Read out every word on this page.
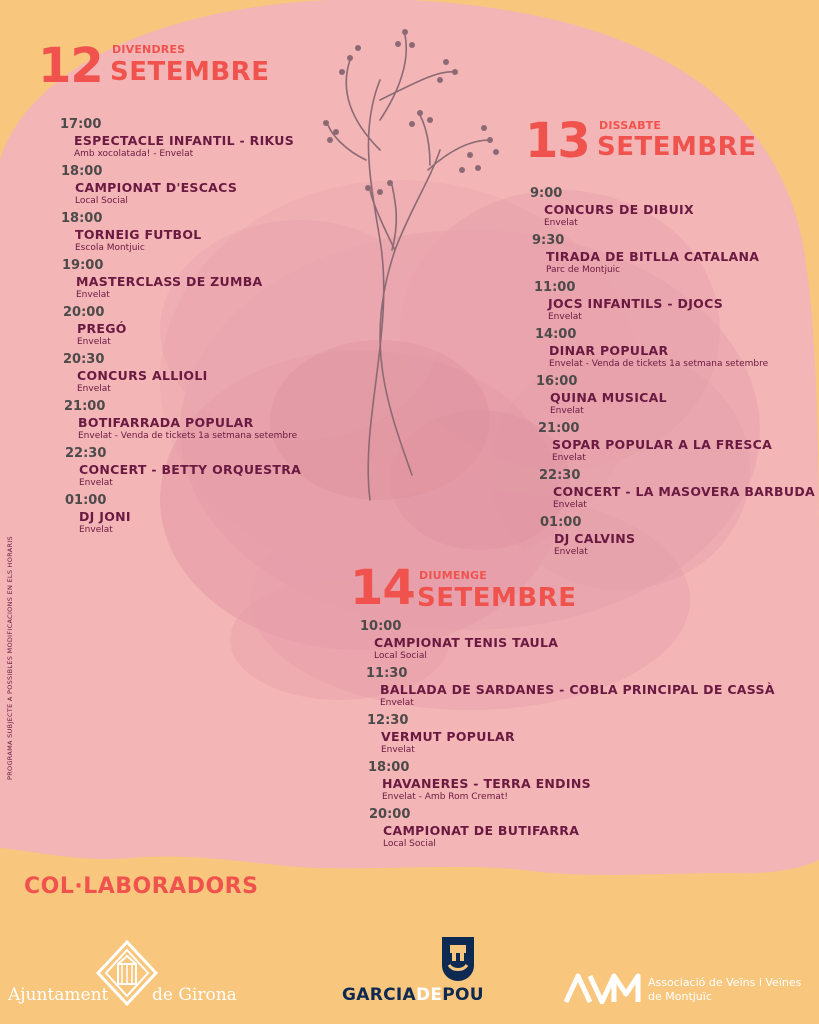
12 DIVENDRES
SETEMBRE
17:00
ESPECTACLE INFANTIL - RIKUS
Amb xocolatada! - Envelat
18:00
CAMPIONAT D'ESCACS
Local Social
18:00
TORNEIG FUTBOL
Escola Montjuic
19:00
MASTERCLASS DE ZUMBA
Envelat
20:00
PREGÓ
Envelat
20:30
CONCURS ALLIOLI
Envelat
21:00
BOTIFARRADA POPULAR
Envelat - Venda de tickets 1a setmana setembre
22:30
CONCERT - BETTY ORQUESTRA
Envelat
01:00
DJ JONI
Envelat
13 DISSABTE
SETEMBRE
9:00
CONCURS DE DIBUIX
Envelat
9:30
TIRADA DE BITLLA CATALANA
Parc de Montjuic
11:00
JOCS INFANTILS - DJOCS
Envelat
14:00
DINAR POPULAR
Envelat - Venda de tickets 1a setmana setembre
16:00
QUINA MUSICAL
Envelat
21:00
SOPAR POPULAR A LA FRESCA
Envelat
22:30
CONCERT - LA MASOVERA BARBUDA
Envelat
01:00
DJ CALVINS
Envelat
14 DIUMENGE
SETEMBRE
10:00
CAMPIONAT TENIS TAULA
Local Social
11:30
BALLADA DE SARDANES - COBLA PRINCIPAL DE CASSÀ
Envelat
12:30
VERMUT POPULAR
Envelat
18:00
HAVANERES - TERRA ENDINS
Envelat - Amb Rom Cremat!
20:00
CAMPIONAT DE BUTIFARRA
Local Social
PROGRAMA SUBJECTE A POSSIBLES MODIFICACIONS EN ELS HORARIS
COL·LABORADORS
Ajuntament	de Girona	GARCIADEPOU
Associació de Veïns i Veïnes
de Montjuïc
